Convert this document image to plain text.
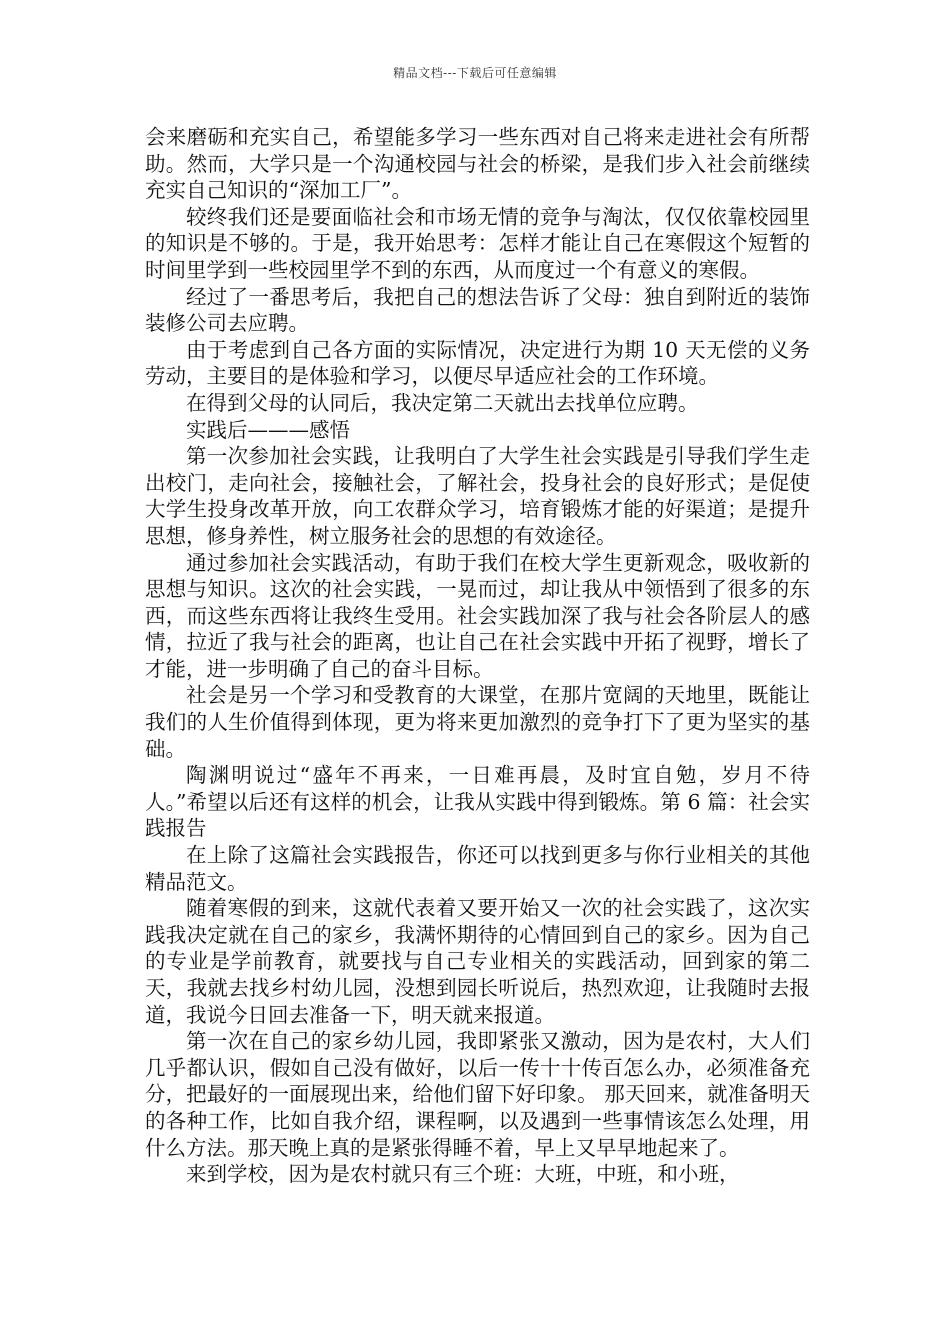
精品文档---下载后可任意编辑

会来磨砺和充实自己，希望能多学习一些东西对自己将来走进社会有所帮助。然而，大学只是一个沟通校园与社会的桥梁，是我们步入社会前继续充实自己知识的“深加工厂”。

较终我们还是要面临社会和市场无情的竞争与淘汰，仅仅依靠校园里的知识是不够的。于是，我开始思考：怎样才能让自己在寒假这个短暂的时间里学到一些校园里学不到的东西，从而度过一个有意义的寒假。

经过了一番思考后，我把自己的想法告诉了父母：独自到附近的装饰装修公司去应聘。

由于考虑到自己各方面的实际情况，决定进行为期 10 天无偿的义务劳动，主要目的是体验和学习，以便尽早适应社会的工作环境。

在得到父母的认同后，我决定第二天就出去找单位应聘。

实践后———感悟

第一次参加社会实践，让我明白了大学生社会实践是引导我们学生走出校门，走向社会，接触社会，了解社会，投身社会的良好形式；是促使大学生投身改革开放，向工农群众学习，培育锻炼才能的好渠道；是提升思想，修身养性，树立服务社会的思想的有效途径。

通过参加社会实践活动，有助于我们在校大学生更新观念，吸收新的思想与知识。这次的社会实践，一晃而过，却让我从中领悟到了很多的东西，而这些东西将让我终生受用。社会实践加深了我与社会各阶层人的感情，拉近了我与社会的距离，也让自己在社会实践中开拓了视野，增长了才能，进一步明确了自己的奋斗目标。

社会是另一个学习和受教育的大课堂，在那片宽阔的天地里，既能让我们的人生价值得到体现，更为将来更加激烈的竞争打下了更为坚实的基础。

陶渊明说过“盛年不再来，一日难再晨，及时宜自勉，岁月不待人。”希望以后还有这样的机会，让我从实践中得到锻炼。第 6 篇：社会实践报告

在上除了这篇社会实践报告，你还可以找到更多与你行业相关的其他精品范文。

随着寒假的到来，这就代表着又要开始又一次的社会实践了，这次实践我决定就在自己的家乡，我满怀期待的心情回到自己的家乡。因为自己的专业是学前教育，就要找与自己专业相关的实践活动，回到家的第二天，我就去找乡村幼儿园，没想到园长听说后，热烈欢迎，让我随时去报道，我说今日回去准备一下，明天就来报道。

第一次在自己的家乡幼儿园，我即紧张又激动，因为是农村，大人们几乎都认识，假如自己没有做好，以后一传十十传百怎么办，必须准备充分，把最好的一面展现出来，给他们留下好印象。 那天回来，就准备明天的各种工作，比如自我介绍，课程啊，以及遇到一些事情该怎么处理，用什么方法。那天晚上真的是紧张得睡不着，早上又早早地起来了。

来到学校，因为是农村就只有三个班：大班，中班，和小班，
